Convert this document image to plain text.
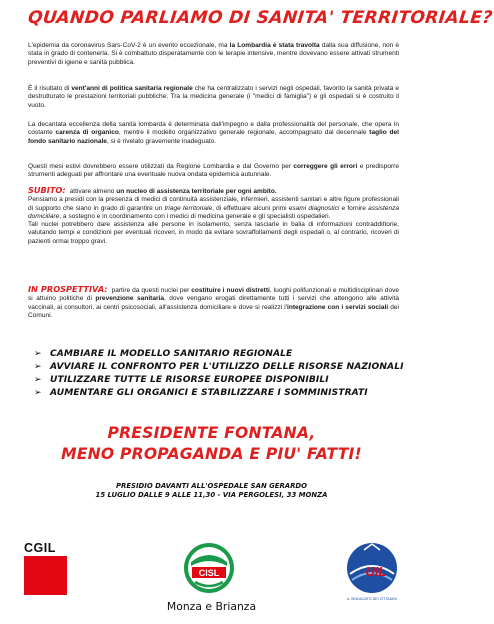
QUANDO PARLIAMO DI SANITA' TERRITORIALE?

L'epidemia da coronavirus Sars-CoV-2 è un evento eccezionale, ma la Lombardia è stata travolta dalla sua diffusione, non è stata in grado di contenerla. Si è combattuto disperatamente con le terapie intensive, mentre dovevano essere attivati strumenti preventivi di igiene e sanità pubblica.

È il risultato di vent'anni di politica sanitaria regionale che ha centralizzato i servizi negli ospedali, favorito la sanità privata e destrutturato le prestazioni territoriali pubbliche. Tra la medicina generale (i "medici di famiglia") e gli ospedali si è costruito il vuoto.

La decantata eccellenza della sanità lombarda è determinata dall'impegno e dalla professionalità del personale, che opera in costante carenza di organico, mentre il modello organizzativo generale regionale, accompagnato dal decennale taglio del fondo sanitario nazionale, si è rivelato gravemente inadeguato.

Questi mesi estivi dovrebbero essere utilizzati da Regione Lombardia e dal Governo per correggere gli errori e predisporre strumenti adeguati per affrontare una eventuale nuova ondata epidemica autunnale.

SUBITO: attivare almeno un nucleo di assistenza territoriale per ogni ambito.
Pensiamo a presidi con la presenza di medici di continuità assistenziale, infermieri, assistenti sanitari e altre figure professionali di supporto che siano in grado di garantire un triage territoriale, di effettuare alcuni primi esami diagnostici e fornire assistenza domiciliare, a sostegno e in coordinamento con i medici di medicina generale e gli specialisti ospedalieri.
Tali nuclei potrebbero dare assistenza alle persone in isolamento, senza lasciarle in balia di informazioni contraddittorie, valutando tempi e condizioni per eventuali ricoveri, in modo da evitare sovraffollamenti degli ospedali o, al contrario, ricoveri di pazienti ormai troppo gravi.
IN PROSPETTIVA: partire da questi nuclei per costituire i nuovi distretti, luoghi polifunzionali e multidisciplinari dove si attuino politiche di prevenzione sanitaria, dove vengano erogati direttamente tutti i servizi che attengono alle attività vaccinali, ai consultori, ai centri psicosociali, all'assistenza domiciliare e dove si realizzi l'integrazione con i servizi sociali dei Comuni.
➢ CAMBIARE IL MODELLO SANITARIO REGIONALE
➢ AVVIARE IL CONFRONTO PER L'UTILIZZO DELLE RISORSE NAZIONALI
➢ UTILIZZARE TUTTE LE RISORSE EUROPEE DISPONIBILI
➢ AUMENTARE GLI ORGANICI E STABILIZZARE I SOMMINISTRATI
PRESIDENTE FONTANA,
MENO PROPAGANDA E PIU' FATTI!
PRESIDIO DAVANTI ALL'OSPEDALE SAN GERARDO
15 LUGLIO DALLE 9 ALLE 11,30 - VIA PERGOLESI, 33 MONZA
CGIL
CISL	UIL
IL SINDACATO DEI CITTADINI
Monza e Brianza
